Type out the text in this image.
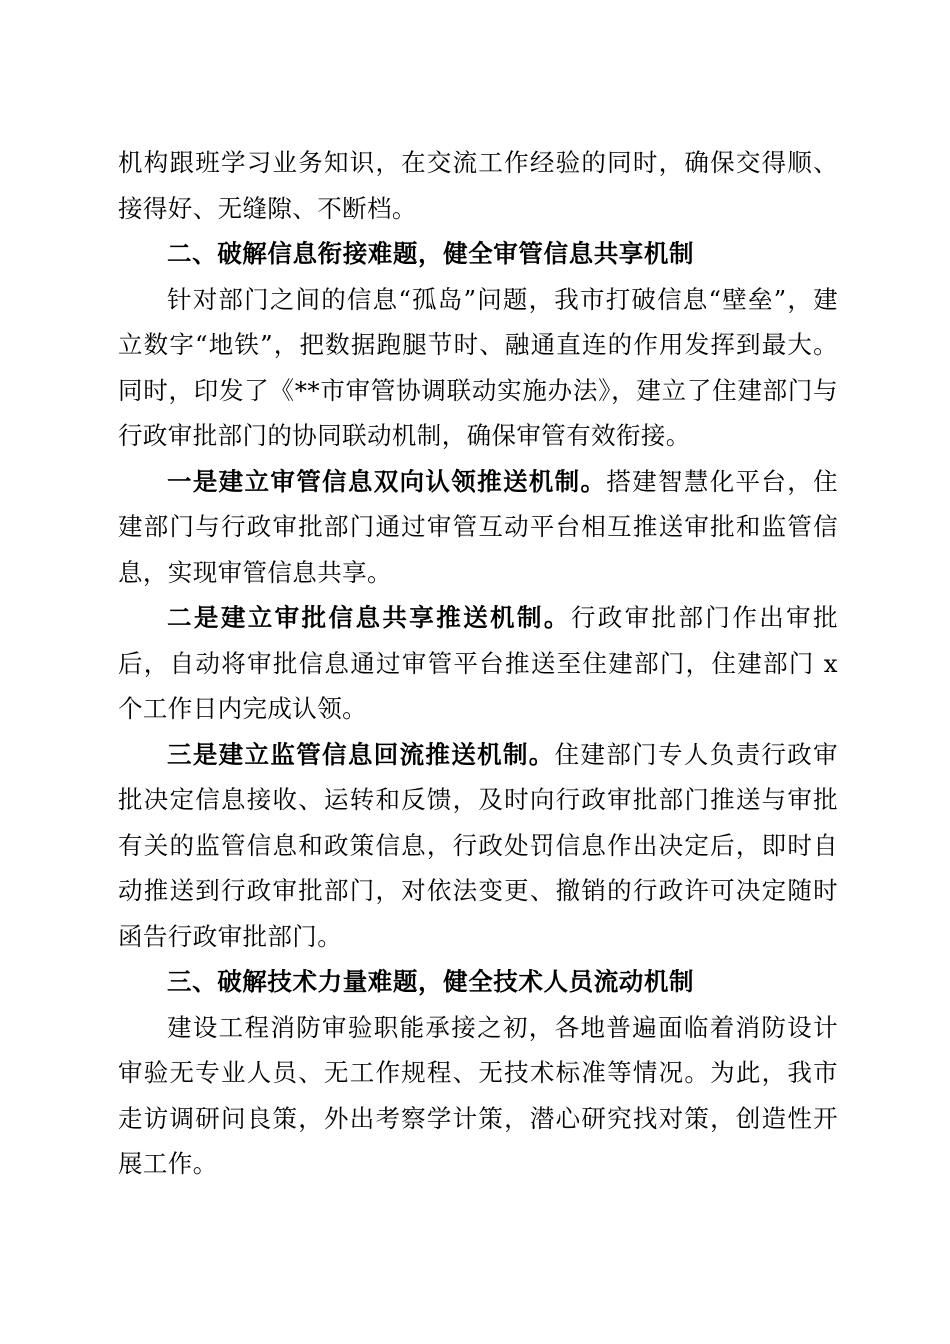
机构跟班学习业务知识，在交流工作经验的同时，确保交得顺、接得好、无缝隙、不断档。

二、破解信息衔接难题，健全审管信息共享机制

针对部门之间的信息“孤岛”问题，我市打破信息“壁垒”，建立数字“地铁”，把数据跑腿节时、融通直连的作用发挥到最大。同时，印发了《**市审管协调联动实施办法》，建立了住建部门与行政审批部门的协同联动机制，确保审管有效衔接。

一是建立审管信息双向认领推送机制。搭建智慧化平台，住建部门与行政审批部门通过审管互动平台相互推送审批和监管信息，实现审管信息共享。

二是建立审批信息共享推送机制。行政审批部门作出审批后，自动将审批信息通过审管平台推送至住建部门，住建部门 x 个工作日内完成认领。

三是建立监管信息回流推送机制。住建部门专人负责行政审批决定信息接收、运转和反馈，及时向行政审批部门推送与审批有关的监管信息和政策信息，行政处罚信息作出决定后，即时自动推送到行政审批部门，对依法变更、撤销的行政许可决定随时函告行政审批部门。

三、破解技术力量难题，健全技术人员流动机制

建设工程消防审验职能承接之初，各地普遍面临着消防设计审验无专业人员、无工作规程、无技术标准等情况。为此，我市走访调研问良策，外出考察学计策，潜心研究找对策，创造性开展工作。
